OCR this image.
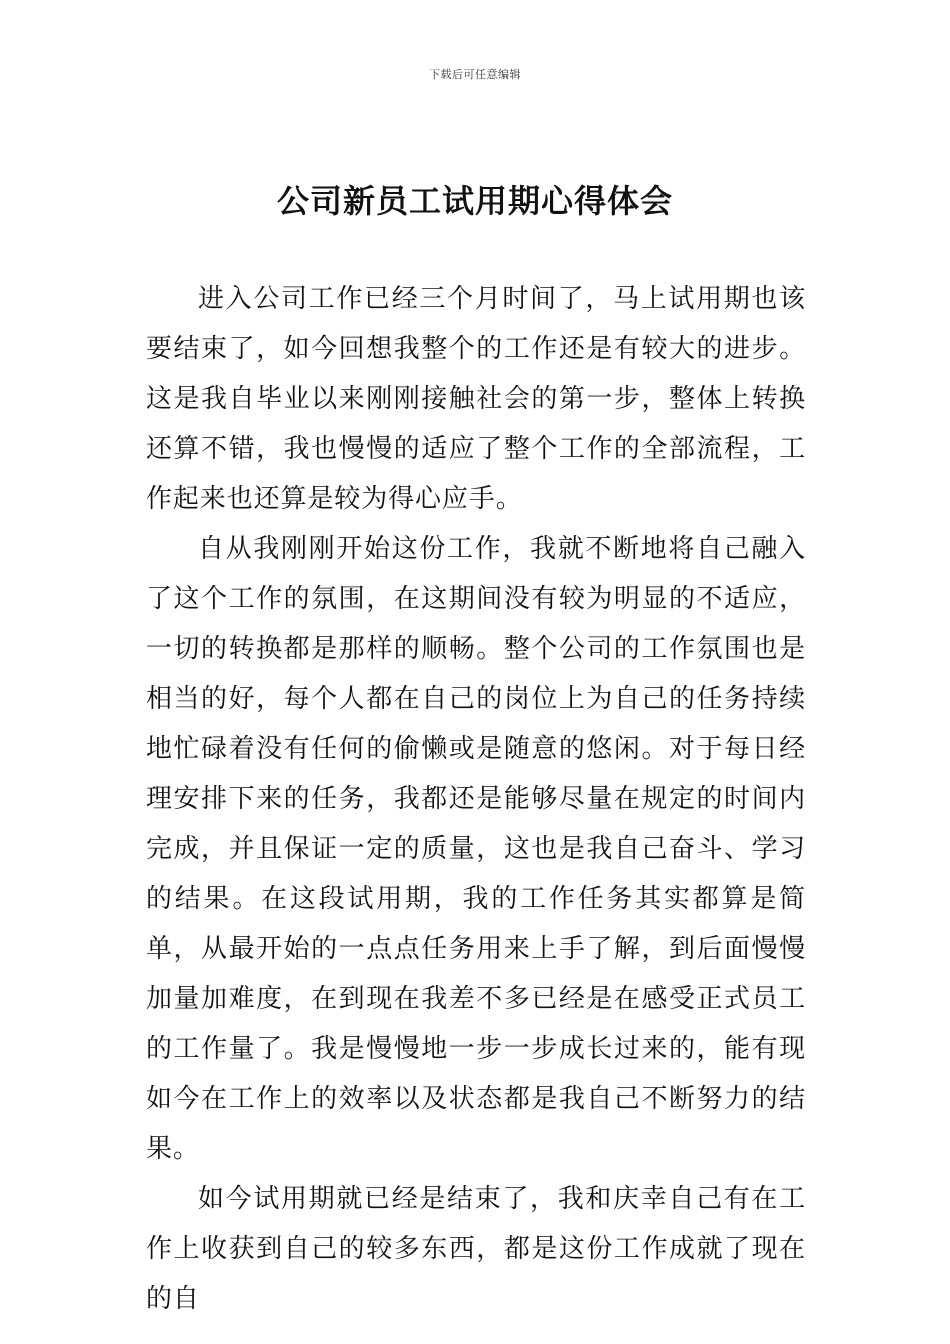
下载后可任意编辑
公司新员工试用期心得体会

进入公司工作已经三个月时间了，马上试用期也该要结束了，如今回想我整个的工作还是有较大的进步。这是我自毕业以来刚刚接触社会的第一步，整体上转换还算不错，我也慢慢的适应了整个工作的全部流程，工作起来也还算是较为得心应手。

自从我刚刚开始这份工作，我就不断地将自己融入了这个工作的氛围，在这期间没有较为明显的不适应，一切的转换都是那样的顺畅。整个公司的工作氛围也是相当的好，每个人都在自己的岗位上为自己的任务持续地忙碌着没有任何的偷懒或是随意的悠闲。对于每日经理安排下来的任务，我都还是能够尽量在规定的时间内完成，并且保证一定的质量，这也是我自己奋斗、学习的结果。在这段试用期，我的工作任务其实都算是简单，从最开始的一点点任务用来上手了解，到后面慢慢加量加难度，在到现在我差不多已经是在感受正式员工的工作量了。我是慢慢地一步一步成长过来的，能有现如今在工作上的效率以及状态都是我自己不断努力的结果。

如今试用期就已经是结束了，我和庆幸自己有在工作上收获到自己的较多东西，都是这份工作成就了现在的自
